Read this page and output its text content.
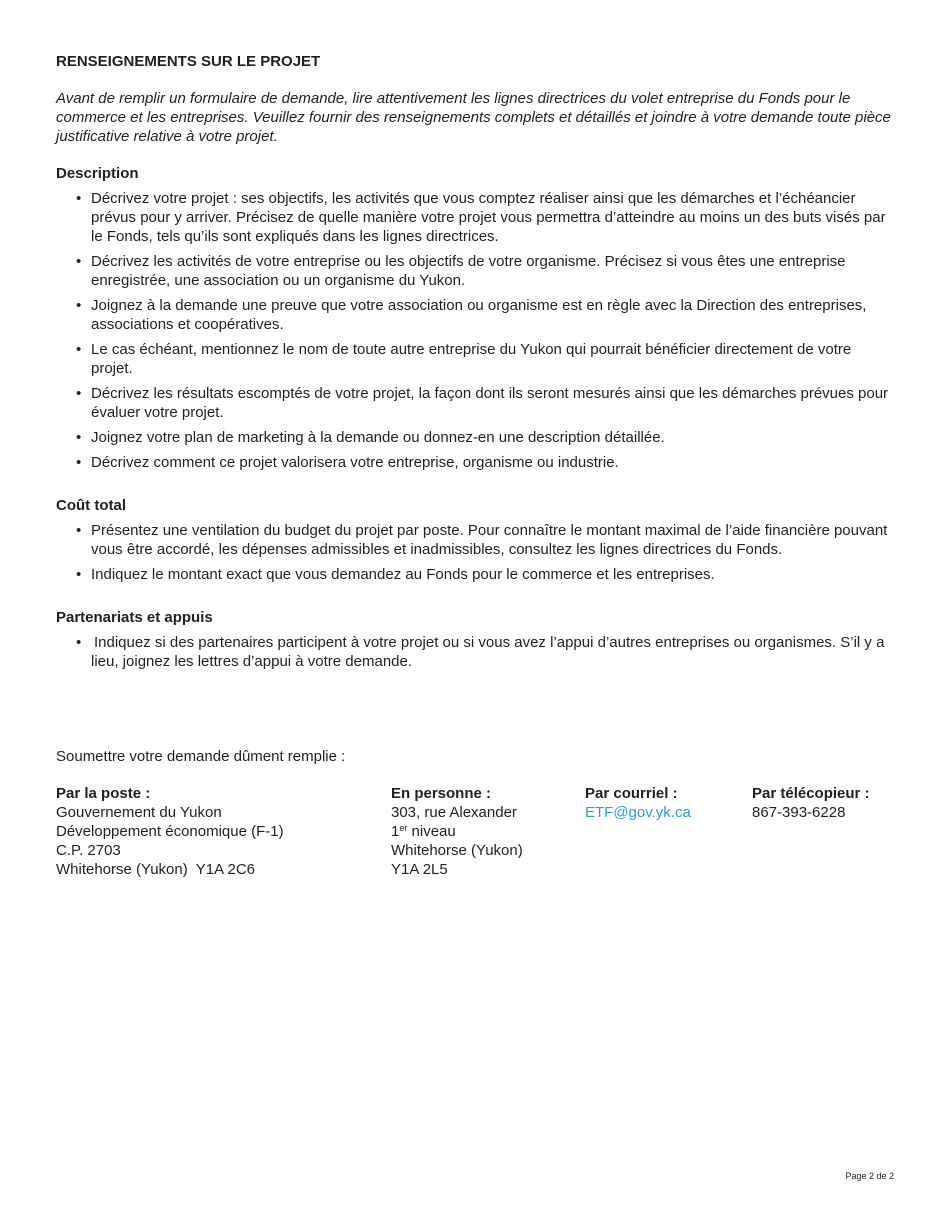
RENSEIGNEMENTS SUR LE PROJET

Avant de remplir un formulaire de demande, lire attentivement les lignes directrices du volet entreprise du Fonds pour le commerce et les entreprises. Veuillez fournir des renseignements complets et détaillés et joindre à votre demande toute pièce justificative relative à votre projet.

Description
• Décrivez votre projet : ses objectifs, les activités que vous comptez réaliser ainsi que les démarches et l’échéancier prévus pour y arriver. Précisez de quelle manière votre projet vous permettra d’atteindre au moins un des buts visés par le Fonds, tels qu’ils sont expliqués dans les lignes directrices.
• Décrivez les activités de votre entreprise ou les objectifs de votre organisme. Précisez si vous êtes une entreprise enregistrée, une association ou un organisme du Yukon.
• Joignez à la demande une preuve que votre association ou organisme est en règle avec la Direction des entreprises, associations et coopératives.
• Le cas échéant, mentionnez le nom de toute autre entreprise du Yukon qui pourrait bénéficier directement de votre projet.
• Décrivez les résultats escomptés de votre projet, la façon dont ils seront mesurés ainsi que les démarches prévues pour évaluer votre projet.
• Joignez votre plan de marketing à la demande ou donnez-en une description détaillée.
• Décrivez comment ce projet valorisera votre entreprise, organisme ou industrie.
Coût total
• Présentez une ventilation du budget du projet par poste. Pour connaître le montant maximal de l’aide financière pouvant vous être accordé, les dépenses admissibles et inadmissibles, consultez les lignes directrices du Fonds.
• Indiquez le montant exact que vous demandez au Fonds pour le commerce et les entreprises.
Partenariats et appuis
• Indiquez si des partenaires participent à votre projet ou si vous avez l’appui d’autres entreprises ou organismes. S’il y a lieu, joignez les lettres d’appui à votre demande.
Soumettre votre demande dûment remplie :
Par la poste :
Gouvernement du Yukon
Développement économique (F-1)
C.P. 2703
Whitehorse (Yukon)  Y1A 2C6
En personne :
303, rue Alexander
1er niveau
Whitehorse (Yukon)
Y1A 2L5
Par courriel :
ETF@gov.yk.ca
Par télécopieur :
867-393-6228
Page 2 de 2
